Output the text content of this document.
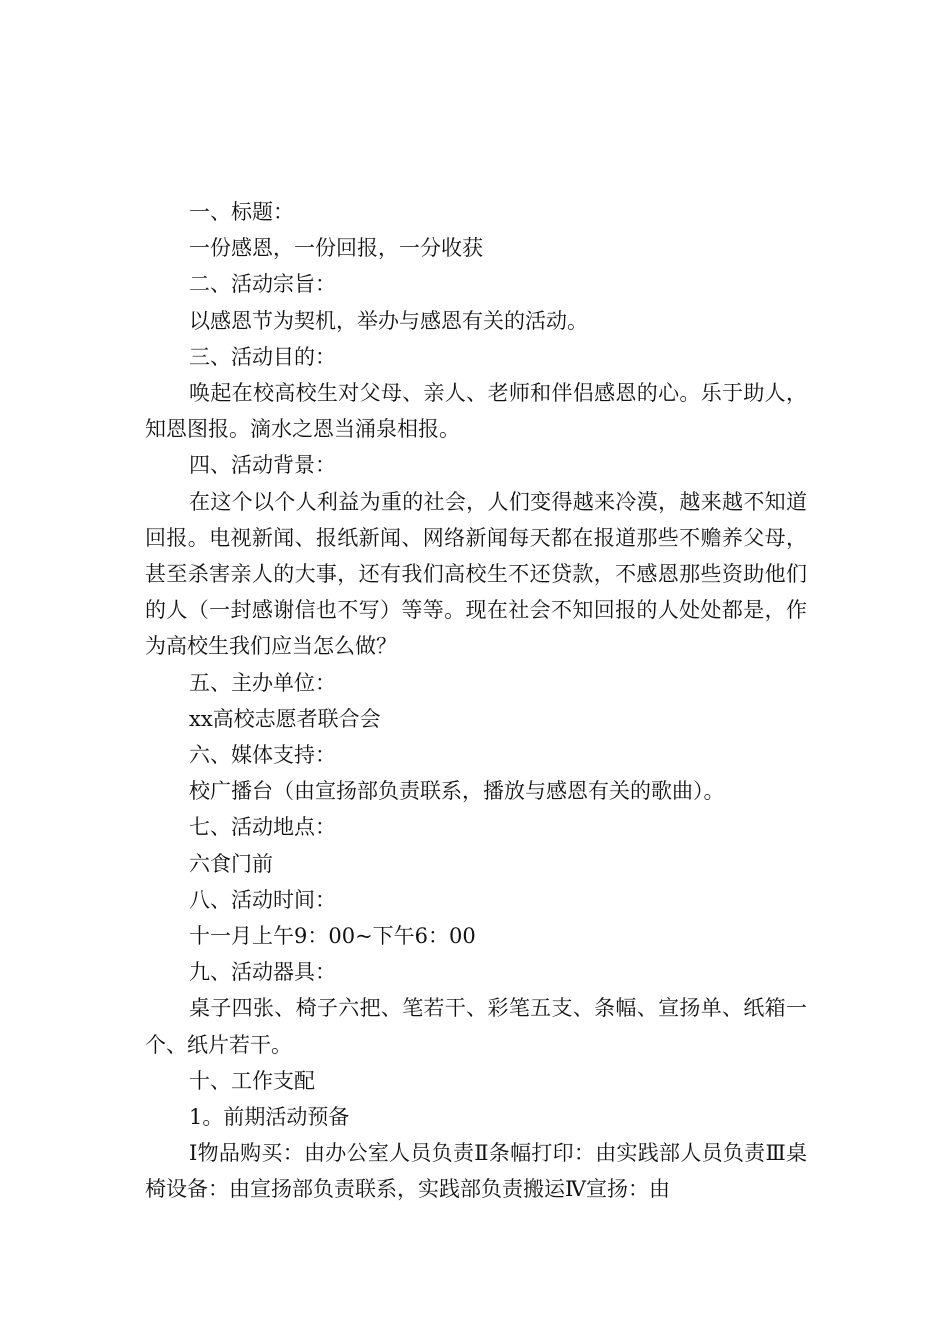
一、标题：

一份感恩，一份回报，一分收获

二、活动宗旨：

以感恩节为契机，举办与感恩有关的活动。

三、活动目的：

唤起在校高校生对父母、亲人、老师和伴侣感恩的心。乐于助人，知恩图报。滴水之恩当涌泉相报。

四、活动背景：

在这个以个人利益为重的社会，人们变得越来冷漠，越来越不知道回报。电视新闻、报纸新闻、网络新闻每天都在报道那些不赡养父母，甚至杀害亲人的大事，还有我们高校生不还贷款，不感恩那些资助他们的人（一封感谢信也不写）等等。现在社会不知回报的人处处都是，作为高校生我们应当怎么做？

五、主办单位：

xx高校志愿者联合会

六、媒体支持：

校广播台（由宣扬部负责联系，播放与感恩有关的歌曲）。

七、活动地点：

六食门前

八、活动时间：

十一月上午9：00~下午6：00

九、活动器具：

桌子四张、椅子六把、笔若干、彩笔五支、条幅、宣扬单、纸箱一个、纸片若干。

十、工作支配

1。前期活动预备

Ⅰ物品购买：由办公室人员负责Ⅱ条幅打印：由实践部人员负责Ⅲ桌椅设备：由宣扬部负责联系，实践部负责搬运Ⅳ宣扬：由
